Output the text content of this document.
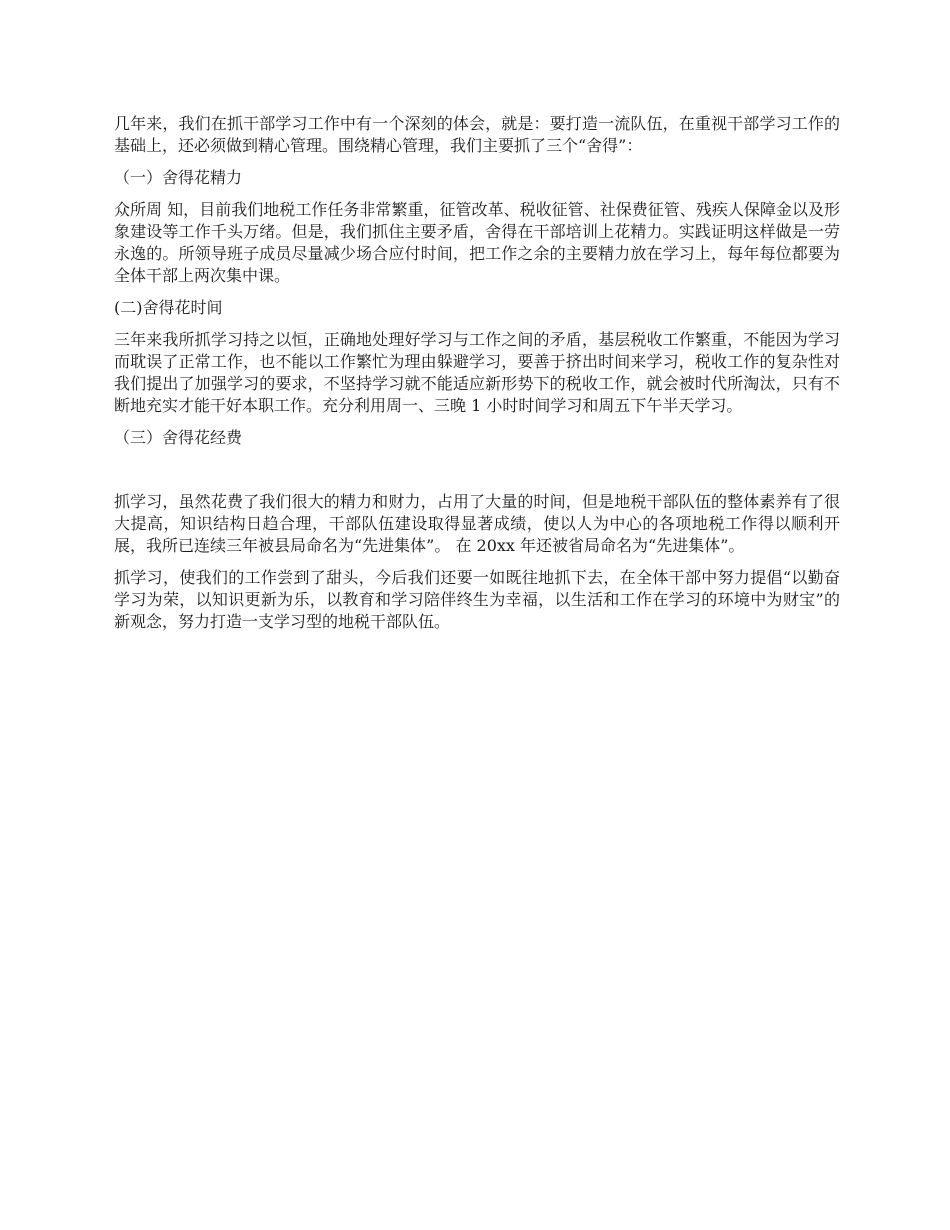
几年来，我们在抓干部学习工作中有一个深刻的体会，就是：要打造一流队伍，在重视干部学习工作的基础上，还必须做到精心管理。围绕精心管理，我们主要抓了三个“舍得”：

（一）舍得花精力

众所周 知，目前我们地税工作任务非常繁重，征管改革、税收征管、社保费征管、残疾人保障金以及形象建设等工作千头万绪。但是，我们抓住主要矛盾，舍得在干部培训上花精力。实践证明这样做是一劳永逸的。所领导班子成员尽量减少场合应付时间，把工作之余的主要精力放在学习上，每年每位都要为全体干部上两次集中课。

(二)舍得花时间

三年来我所抓学习持之以恒，正确地处理好学习与工作之间的矛盾，基层税收工作繁重，不能因为学习而耽误了正常工作，也不能以工作繁忙为理由躲避学习，要善于挤出时间来学习，税收工作的复杂性对我们提出了加强学习的要求，不坚持学习就不能适应新形势下的税收工作，就会被时代所淘汰，只有不断地充实才能干好本职工作。充分利用周一、三晚 1 小时时间学习和周五下午半天学习。

（三）舍得花经费

抓学习，虽然花费了我们很大的精力和财力，占用了大量的时间，但是地税干部队伍的整体素养有了很大提高，知识结构日趋合理，干部队伍建设取得显著成绩，使以人为中心的各项地税工作得以顺利开展，我所已连续三年被县局命名为“先进集体”。 在 20xx 年还被省局命名为“先进集体”。

抓学习，使我们的工作尝到了甜头，今后我们还要一如既往地抓下去，在全体干部中努力提倡“以勤奋学习为荣，以知识更新为乐，以教育和学习陪伴终生为幸福，以生活和工作在学习的环境中为财宝”的新观念，努力打造一支学习型的地税干部队伍。
